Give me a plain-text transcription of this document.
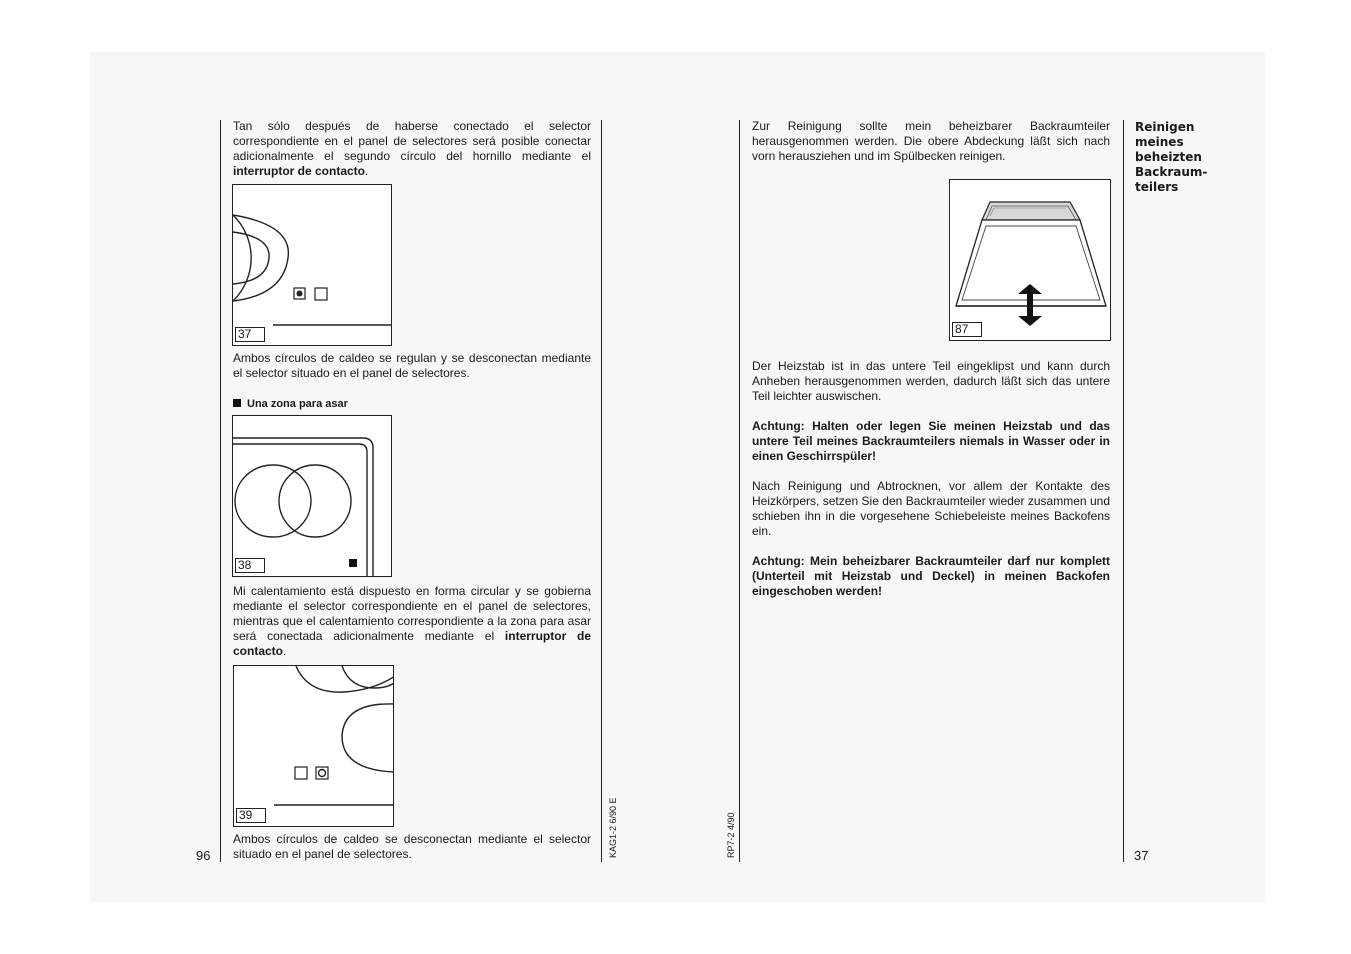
Tan sólo después de haberse conectado el selector correspondiente en el panel de selectores será posible conectar adicionalmente el segundo círculo del hornillo mediante el interruptor de contacto.

37

Ambos círculos de caldeo se regulan y se desconectan mediante el selector situado en el panel de selectores.

Una zona para asar

38

Mi calentamiento está dispuesto en forma circular y se gobierna mediante el selector correspondiente en el panel de selectores, mientras que el calentamiento correspondiente a la zona para asar será conectada adicionalmente mediante el interruptor de contacto.

39

Ambos círculos de caldeo se desconectan mediante el selector situado en el panel de selectores.

96	KAG1-2 6/90 E

Zur Reinigung sollte mein beheizbarer Backraumteiler herausgenommen werden. Die obere Abdeckung läßt sich nach vorn herausziehen und im Spülbecken reinigen.

Reinigen
meines
beheizten
Backraum-
teilers
87

Der Heizstab ist in das untere Teil eingeklipst und kann durch Anheben herausgenommen werden, dadurch läßt sich das untere Teil leichter auswischen.

Achtung: Halten oder legen Sie meinen Heizstab und das untere Teil meines Backraumteilers niemals in Wasser oder in einen Geschirrspüler!

Nach Reinigung und Abtrocknen, vor allem der Kontakte des Heizkörpers, setzen Sie den Backraumteiler wieder zusammen und schieben ihn in die vorgesehene Schiebeleiste meines Backofens ein.

Achtung: Mein beheizbarer Backraumteiler darf nur komplett (Unterteil mit Heizstab und Deckel) in meinen Backofen eingeschoben werden!

37
RP7-2 4/90
